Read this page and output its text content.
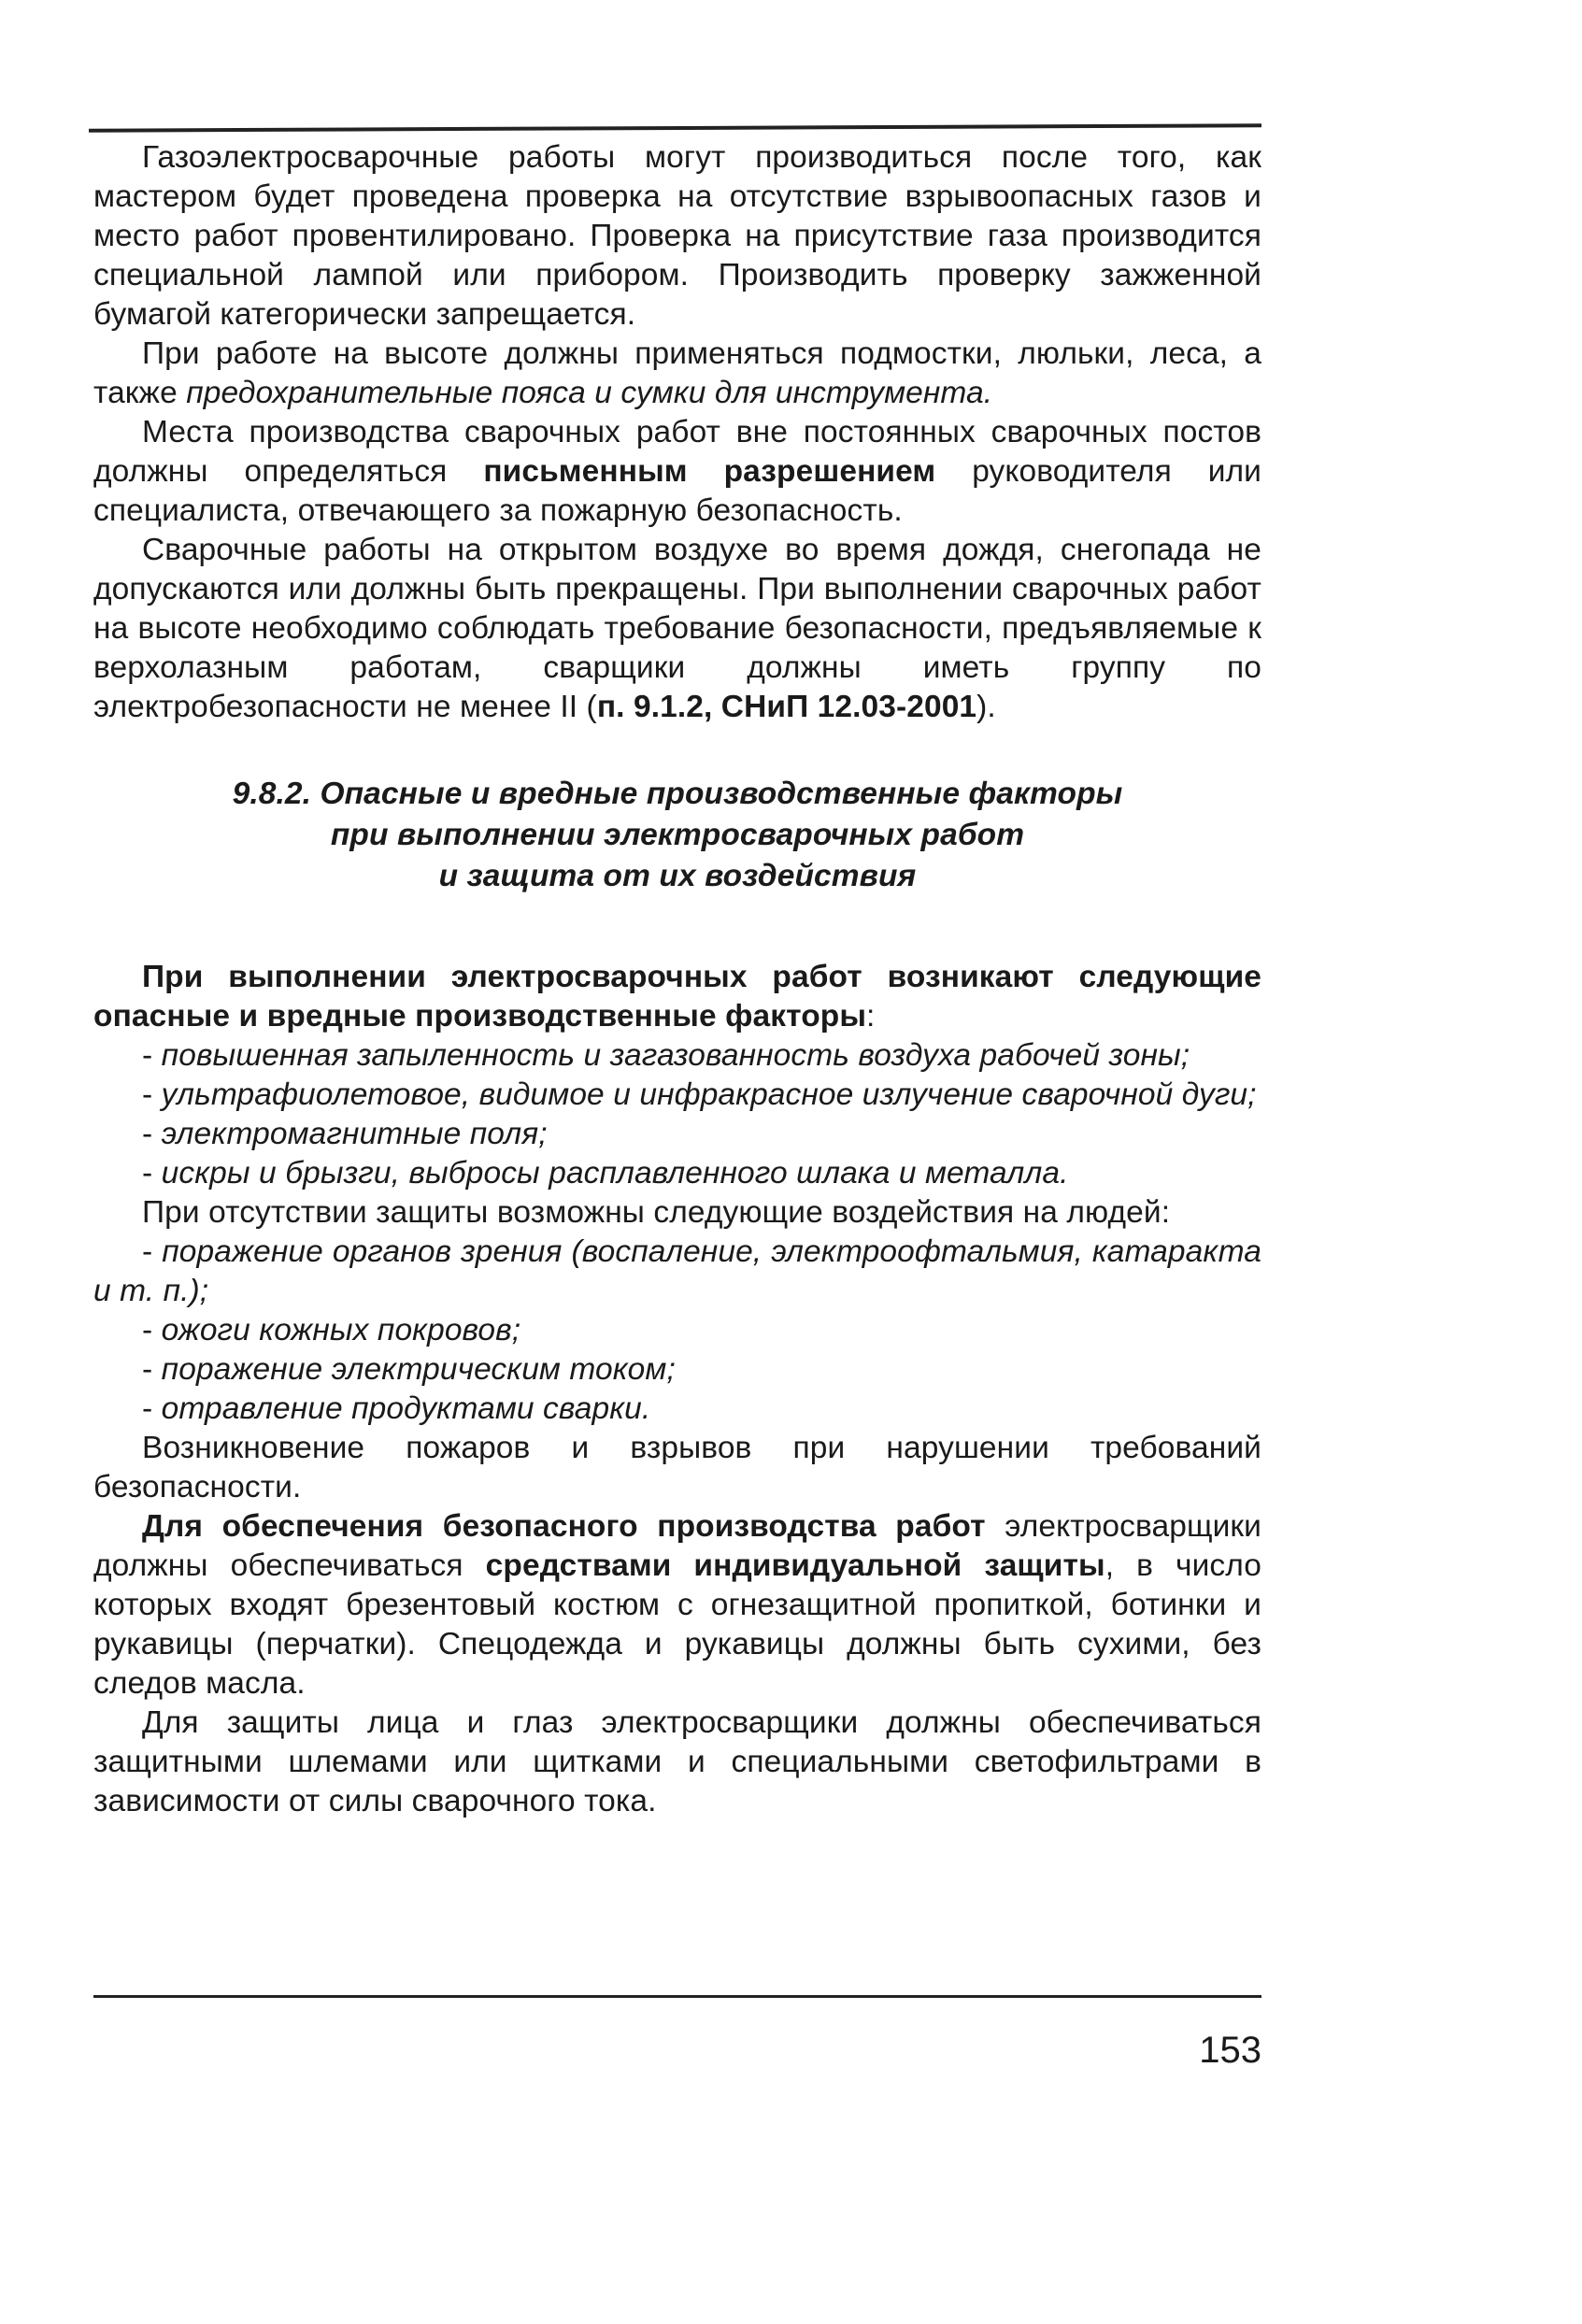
Газоэлектросварочные работы могут производиться после того, как мастером будет проведена проверка на отсутствие взрывоопасных газов и место работ провентилировано. Проверка на присутствие газа производится специальной лампой или прибором. Производить проверку зажженной бумагой категорически запрещается.

При работе на высоте должны применяться подмостки, люльки, леса, а также предохранительные пояса и сумки для инструмента.

Места производства сварочных работ вне постоянных сварочных постов должны определяться письменным разрешением руководителя или специалиста, отвечающего за пожарную безопасность.

Сварочные работы на открытом воздухе во время дождя, снегопада не допускаются или должны быть прекращены. При выполнении сварочных работ на высоте необходимо соблюдать требование безопасности, предъявляемые к верхолазным работам, сварщики должны иметь группу по электробезопасности не менее II (п. 9.1.2, СНиП 12.03-2001).

9.8.2. Опасные и вредные производственные факторы
при выполнении электросварочных работ
и защита от их воздействия

При выполнении электросварочных работ возникают следующие опасные и вредные производственные факторы:

- повышенная запыленность и загазованность воздуха рабочей зоны;

- ультрафиолетовое, видимое и инфракрасное излучение сварочной дуги;

- электромагнитные поля;

- искры и брызги, выбросы расплавленного шлака и металла.

При отсутствии защиты возможны следующие воздействия на людей:

- поражение органов зрения (воспаление, электроофтальмия, катаракта и т. п.);

- ожоги кожных покровов;

- поражение электрическим током;

- отравление продуктами сварки.

Возникновение пожаров и взрывов при нарушении требований безопасности.

Для обеспечения безопасного производства работ электросварщики должны обеспечиваться средствами индивидуальной защиты, в число которых входят брезентовый костюм с огнезащитной пропиткой, ботинки и рукавицы (перчатки). Спецодежда и рукавицы должны быть сухими, без следов масла.

Для защиты лица и глаз электросварщики должны обеспечиваться защитными шлемами или щитками и специальными светофильтрами в зависимости от силы сварочного тока.

153
